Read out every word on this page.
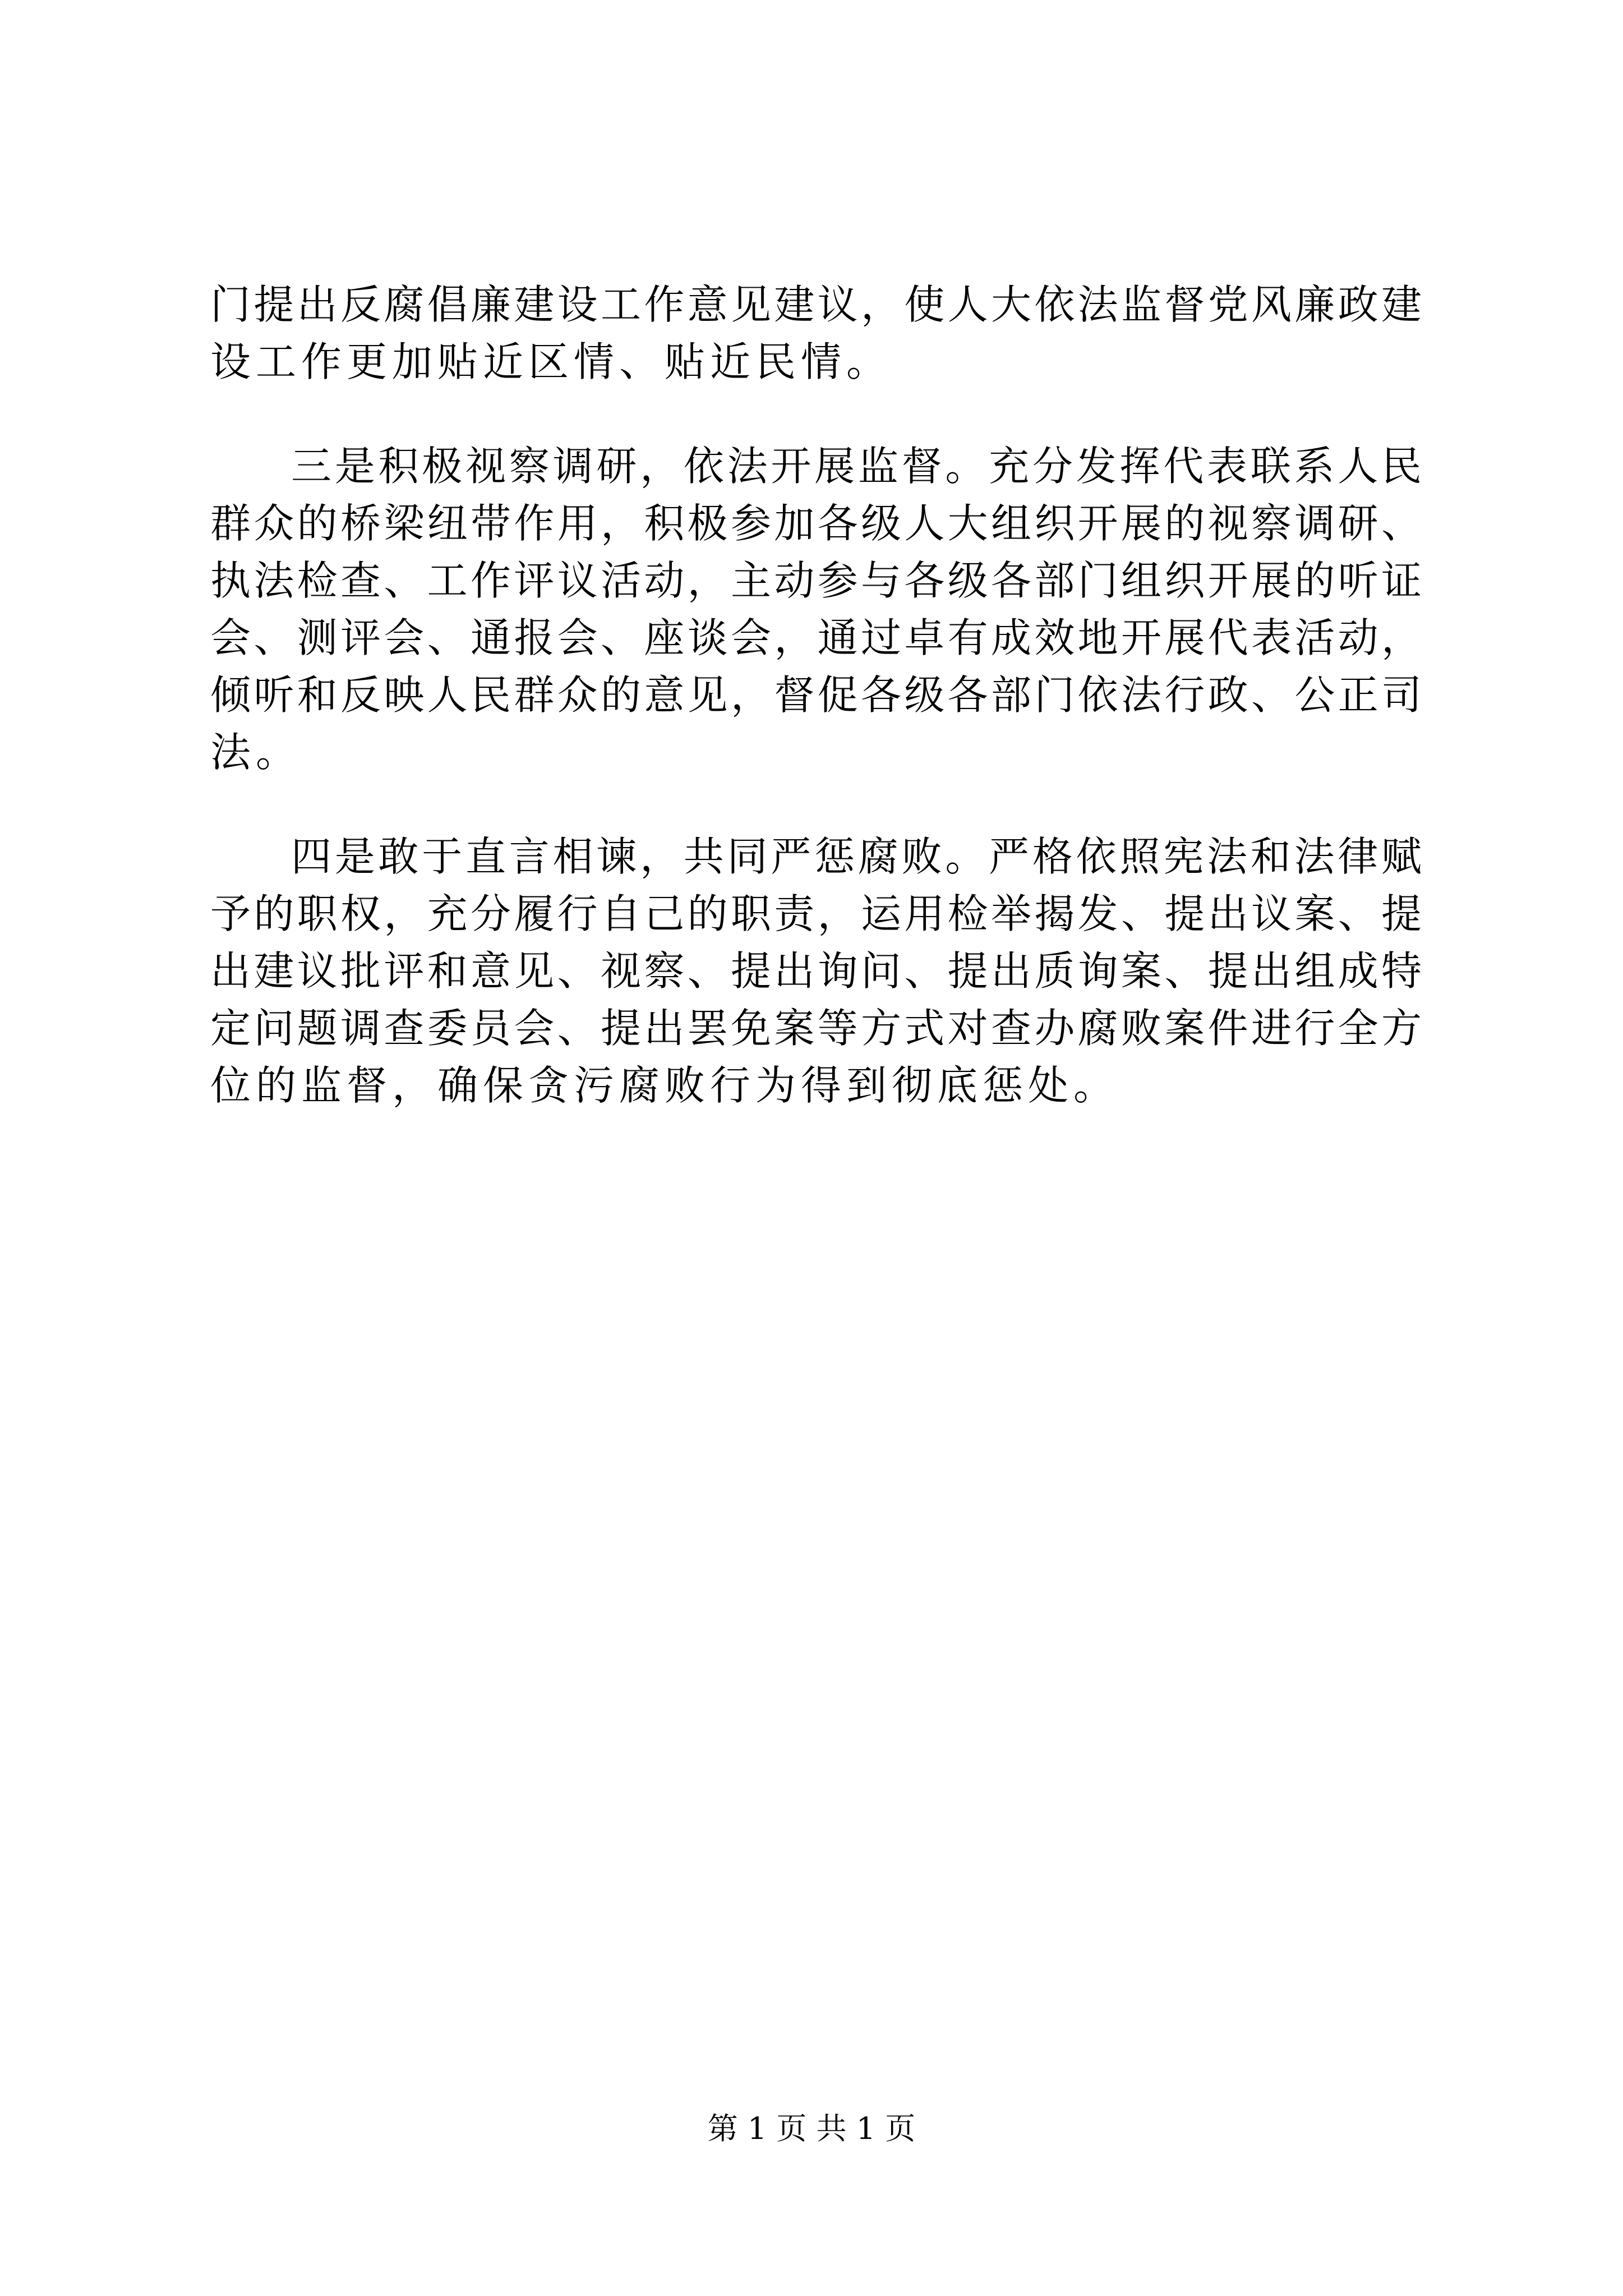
门提出反腐倡廉建设工作意见建议，使人大依法监督党风廉政建
设工作更加贴近区情、贴近民情。
三是积极视察调研，依法开展监督。充分发挥代表联系人民
群众的桥梁纽带作用，积极参加各级人大组织开展的视察调研、
执法检查、工作评议活动，主动参与各级各部门组织开展的听证
会、测评会、通报会、座谈会，通过卓有成效地开展代表活动，
倾听和反映人民群众的意见，督促各级各部门依法行政、公正司
法。
四是敢于直言相谏，共同严惩腐败。严格依照宪法和法律赋
予的职权，充分履行自己的职责，运用检举揭发、提出议案、提
出建议批评和意见、视察、提出询问、提出质询案、提出组成特
定问题调查委员会、提出罢免案等方式对查办腐败案件进行全方
位的监督，确保贪污腐败行为得到彻底惩处。
第 1 页 共 1 页
